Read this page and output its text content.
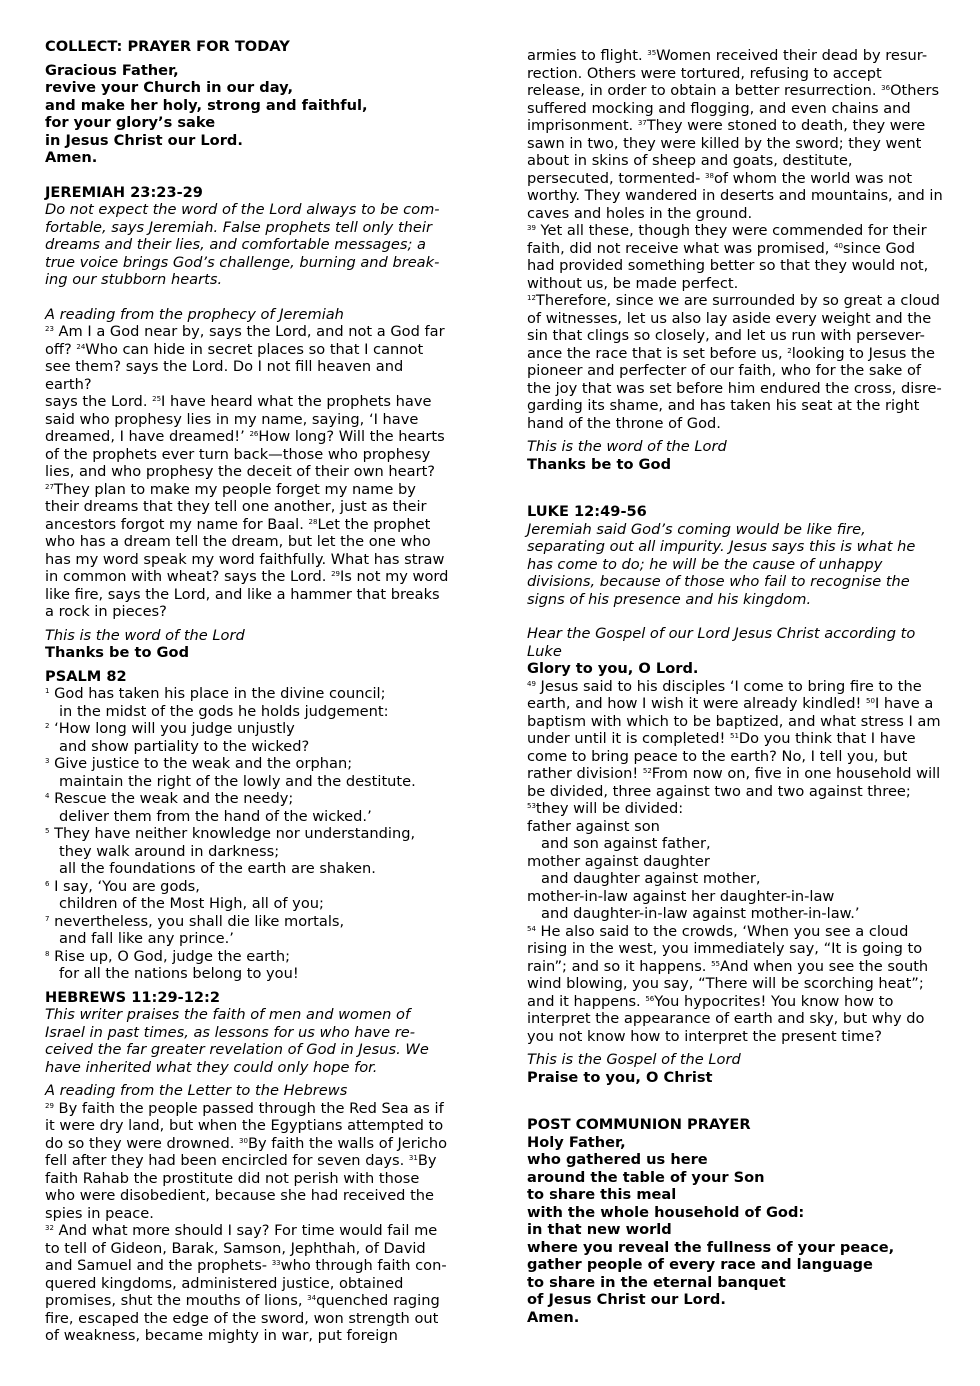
COLLECT: PRAYER FOR TODAY

Gracious Father,

revive your Church in our day,

and make her holy, strong and faithful,

for your glory’s sake

in Jesus Christ our Lord.

Amen.

JEREMIAH 23:23-29

Do not expect the word of the Lord always to be com-

fortable, says Jeremiah. False prophets tell only their

dreams and their lies, and comfortable messages; a

true voice brings God’s challenge, burning and break-

ing our stubborn hearts.

A reading from the prophecy of Jeremiah

$^{23}$ Am I a God near by, says the Lord, and not a God far

off? $^{24}$Who can hide in secret places so that I cannot

see them? says the Lord. Do I not fill heaven and earth?

says the Lord. $^{25}$I have heard what the prophets have

said who prophesy lies in my name, saying, ‘I have

dreamed, I have dreamed!’ $^{26}$How long? Will the hearts

of the prophets ever turn back—those who prophesy

lies, and who prophesy the deceit of their own heart?

$^{27}$They plan to make my people forget my name by

their dreams that they tell one another, just as their

ancestors forgot my name for Baal. $^{28}$Let the prophet

who has a dream tell the dream, but let the one who

has my word speak my word faithfully. What has straw

in common with wheat? says the Lord. $^{29}$Is not my word

like fire, says the Lord, and like a hammer that breaks

a rock in pieces?

This is the word of the Lord

Thanks be to God

PSALM 82

$^1$ God has taken his place in the divine council;

in the midst of the gods he holds judgement:

$^2$ ‘How long will you judge unjustly

and show partiality to the wicked?

$^3$ Give justice to the weak and the orphan;

maintain the right of the lowly and the destitute.

$^4$ Rescue the weak and the needy;

deliver them from the hand of the wicked.’

$^5$ They have neither knowledge nor understanding,

they walk around in darkness;

all the foundations of the earth are shaken.

$^6$ I say, ‘You are gods,

children of the Most High, all of you;

$^7$ nevertheless, you shall die like mortals,

and fall like any prince.’

$^8$ Rise up, O God, judge the earth;

for all the nations belong to you!

HEBREWS 11:29-12:2

This writer praises the faith of men and women of

Israel in past times, as lessons for us who have re-

ceived the far greater revelation of God in Jesus. We

have inherited what they could only hope for.

A reading from the Letter to the Hebrews

$^{29}$ By faith the people passed through the Red Sea as if

it were dry land, but when the Egyptians attempted to

do so they were drowned. $^{30}$By faith the walls of Jericho

fell after they had been encircled for seven days. $^{31}$By

faith Rahab the prostitute did not perish with those

who were disobedient, because she had received the

spies in peace.

$^{32}$ And what more should I say? For time would fail me

to tell of Gideon, Barak, Samson, Jephthah, of David

and Samuel and the prophets- $^{33}$who through faith con-

quered kingdoms, administered justice, obtained

promises, shut the mouths of lions, $^{34}$quenched raging

fire, escaped the edge of the sword, won strength out

of weakness, became mighty in war, put foreign

armies to flight. $^{35}$Women received their dead by resur-

rection. Others were tortured, refusing to accept

release, in order to obtain a better resurrection. $^{36}$Others

suffered mocking and flogging, and even chains and

imprisonment. $^{37}$They were stoned to death, they were

sawn in two, they were killed by the sword; they went

about in skins of sheep and goats, destitute,

persecuted, tormented- $^{38}$of whom the world was not

worthy. They wandered in deserts and mountains, and in

caves and holes in the ground.

$^{39}$ Yet all these, though they were commended for their

faith, did not receive what was promised, $^{40}$since God

had provided something better so that they would not,

without us, be made perfect.

$^{12}$Therefore, since we are surrounded by so great a cloud

of witnesses, let us also lay aside every weight and the

sin that clings so closely, and let us run with persever-

ance the race that is set before us, $^2$looking to Jesus the

pioneer and perfecter of our faith, who for the sake of

the joy that was set before him endured the cross, disre-

garding its shame, and has taken his seat at the right

hand of the throne of God.

This is the word of the Lord

Thanks be to God

LUKE 12:49-56

Jeremiah said God’s coming would be like fire,

separating out all impurity. Jesus says this is what he

has come to do; he will be the cause of unhappy

divisions, because of those who fail to recognise the

signs of his presence and his kingdom.

Hear the Gospel of our Lord Jesus Christ according to

Luke

Glory to you, O Lord.

$^{49}$ Jesus said to his disciples ‘I come to bring fire to the

earth, and how I wish it were already kindled! $^{50}$I have a

baptism with which to be baptized, and what stress I am

under until it is completed! $^{51}$Do you think that I have

come to bring peace to the earth? No, I tell you, but

rather division! $^{52}$From now on, five in one household will

be divided, three against two and two against three;

$^{53}$they will be divided:

father against son

and son against father,

mother against daughter

and daughter against mother,

mother-in-law against her daughter-in-law

and daughter-in-law against mother-in-law.’

$^{54}$ He also said to the crowds, ‘When you see a cloud

rising in the west, you immediately say, “It is going to

rain”; and so it happens. $^{55}$And when you see the south

wind blowing, you say, “There will be scorching heat”;

and it happens. $^{56}$You hypocrites! You know how to

interpret the appearance of earth and sky, but why do

you not know how to interpret the present time?

This is the Gospel of the Lord

Praise to you, O Christ

POST COMMUNION PRAYER

Holy Father,

who gathered us here

around the table of your Son

to share this meal

with the whole household of God:

in that new world

where you reveal the fullness of your peace,

gather people of every race and language

to share in the eternal banquet

of Jesus Christ our Lord.

Amen.
